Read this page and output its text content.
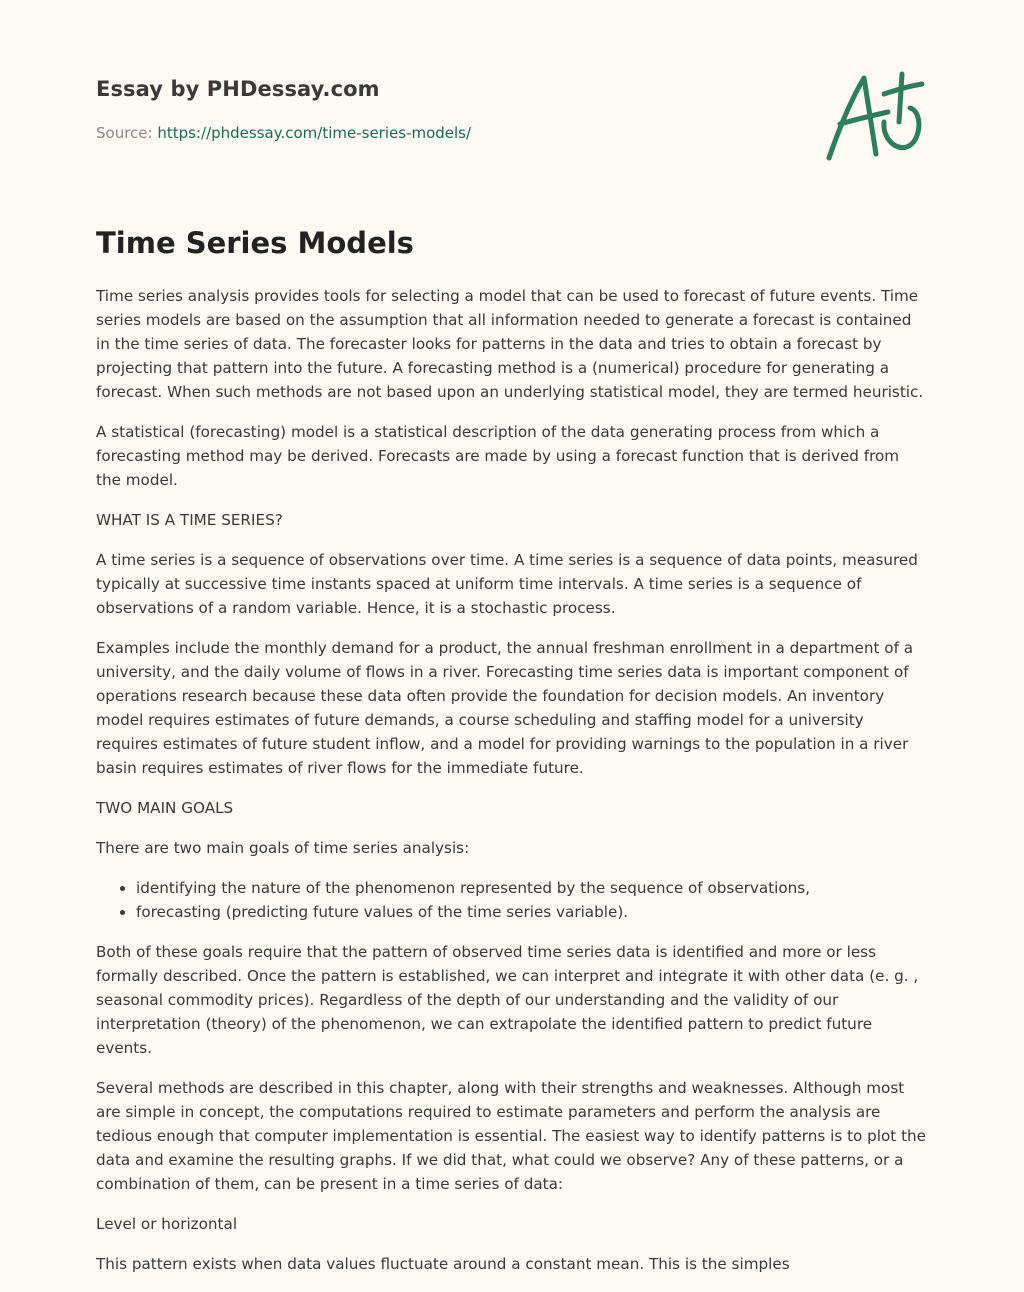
Essay by PHDessay.com
Source: https://phdessay.com/time-series-models/
Time Series Models

Time series analysis provides tools for selecting a model that can be used to forecast of future events. Time series models are based on the assumption that all information needed to generate a forecast is contained in the time series of data. The forecaster looks for patterns in the data and tries to obtain a forecast by projecting that pattern into the future. A forecasting method is a (numerical) procedure for generating a forecast. When such methods are not based upon an underlying statistical model, they are termed heuristic.

A statistical (forecasting) model is a statistical description of the data generating process from which a forecasting method may be derived. Forecasts are made by using a forecast function that is derived from the model.

WHAT IS A TIME SERIES?

A time series is a sequence of observations over time. A time series is a sequence of data points, measured typically at successive time instants spaced at uniform time intervals. A time series is a sequence of observations of a random variable. Hence, it is a stochastic process.

Examples include the monthly demand for a product, the annual freshman enrollment in a department of a university, and the daily volume of flows in a river. Forecasting time series data is important component of operations research because these data often provide the foundation for decision models. An inventory model requires estimates of future demands, a course scheduling and staffing model for a university requires estimates of future student inflow, and a model for providing warnings to the population in a river basin requires estimates of river flows for the immediate future.

TWO MAIN GOALS

There are two main goals of time series analysis:

• identifying the nature of the phenomenon represented by the sequence of observations,
• forecasting (predicting future values of the time series variable).

Both of these goals require that the pattern of observed time series data is identified and more or less formally described. Once the pattern is established, we can interpret and integrate it with other data (e. g. , seasonal commodity prices). Regardless of the depth of our understanding and the validity of our interpretation (theory) of the phenomenon, we can extrapolate the identified pattern to predict future events.

Several methods are described in this chapter, along with their strengths and weaknesses. Although most are simple in concept, the computations required to estimate parameters and perform the analysis are tedious enough that computer implementation is essential. The easiest way to identify patterns is to plot the data and examine the resulting graphs. If we did that, what could we observe? Any of these patterns, or a combination of them, can be present in a time series of data:

Level or horizontal

This pattern exists when data values fluctuate around a constant mean. This is the simples
